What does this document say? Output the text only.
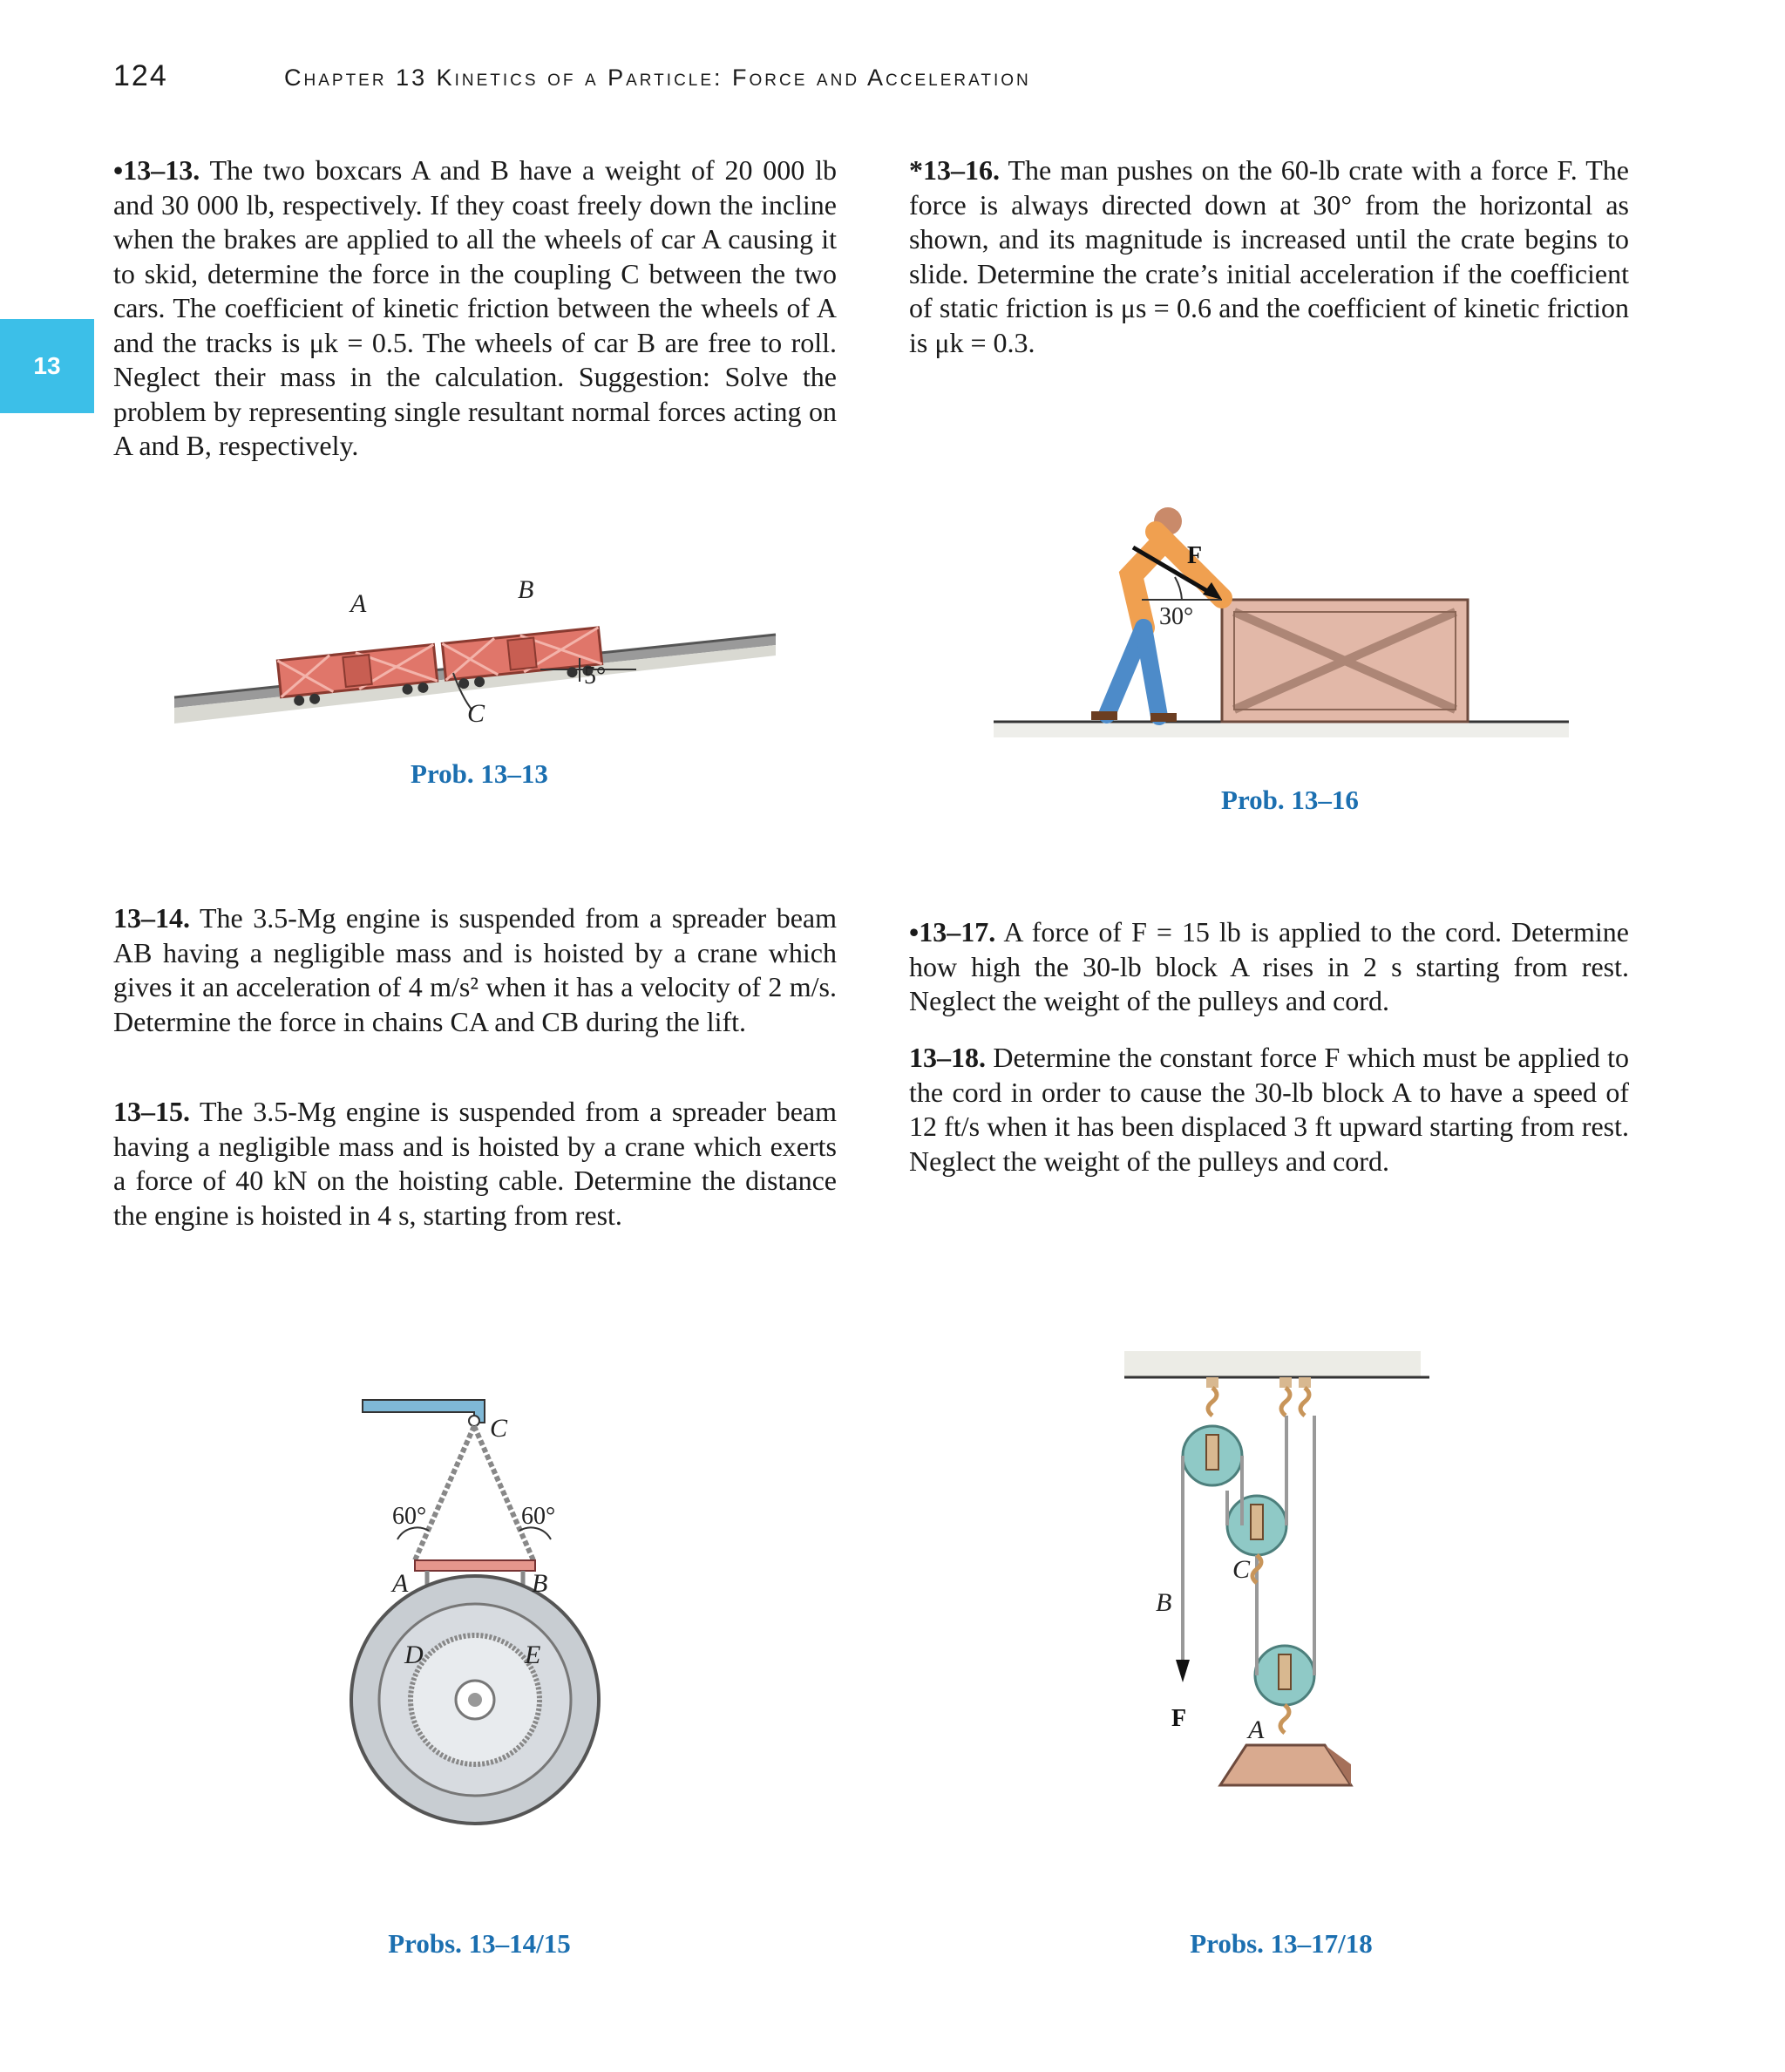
124	Chapter 13 Kinetics of a Particle: Force and Acceleration
13
•13–13. The two boxcars A and B have a weight of 20 000 lb and 30 000 lb, respectively. If they coast freely down the incline when the brakes are applied to all the wheels of car A causing it to skid, determine the force in the coupling C between the two cars. The coefficient of kinetic friction between the wheels of A and the tracks is μk = 0.5. The wheels of car B are free to roll. Neglect their mass in the calculation. Suggestion: Solve the problem by representing single resultant normal forces acting on A and B, respectively.
*13–16. The man pushes on the 60-lb crate with a force F. The force is always directed down at 30° from the horizontal as shown, and its magnitude is increased until the crate begins to slide. Determine the crate’s initial acceleration if the coefficient of static friction is μs = 0.6 and the coefficient of kinetic friction is μk = 0.3.
13–14. The 3.5-Mg engine is suspended from a spreader beam AB having a negligible mass and is hoisted by a crane which gives it an acceleration of 4 m/s² when it has a velocity of 2 m/s. Determine the force in chains CA and CB during the lift.
13–15. The 3.5-Mg engine is suspended from a spreader beam having a negligible mass and is hoisted by a crane which exerts a force of 40 kN on the hoisting cable. Determine the distance the engine is hoisted in 4 s, starting from rest.
•13–17. A force of F = 15 lb is applied to the cord. Determine how high the 30-lb block A rises in 2 s starting from rest. Neglect the weight of the pulleys and cord.
13–18. Determine the constant force F which must be applied to the cord in order to cause the 30-lb block A to have a speed of 12 ft/s when it has been displaced 3 ft upward starting from rest. Neglect the weight of the pulleys and cord.
A	B
C
5°
Prob. 13–13
F
30°
Prob. 13–16
C
60°	60°
A	B
D	E
Probs. 13–14/15
B
C
A
F
Probs. 13–17/18
